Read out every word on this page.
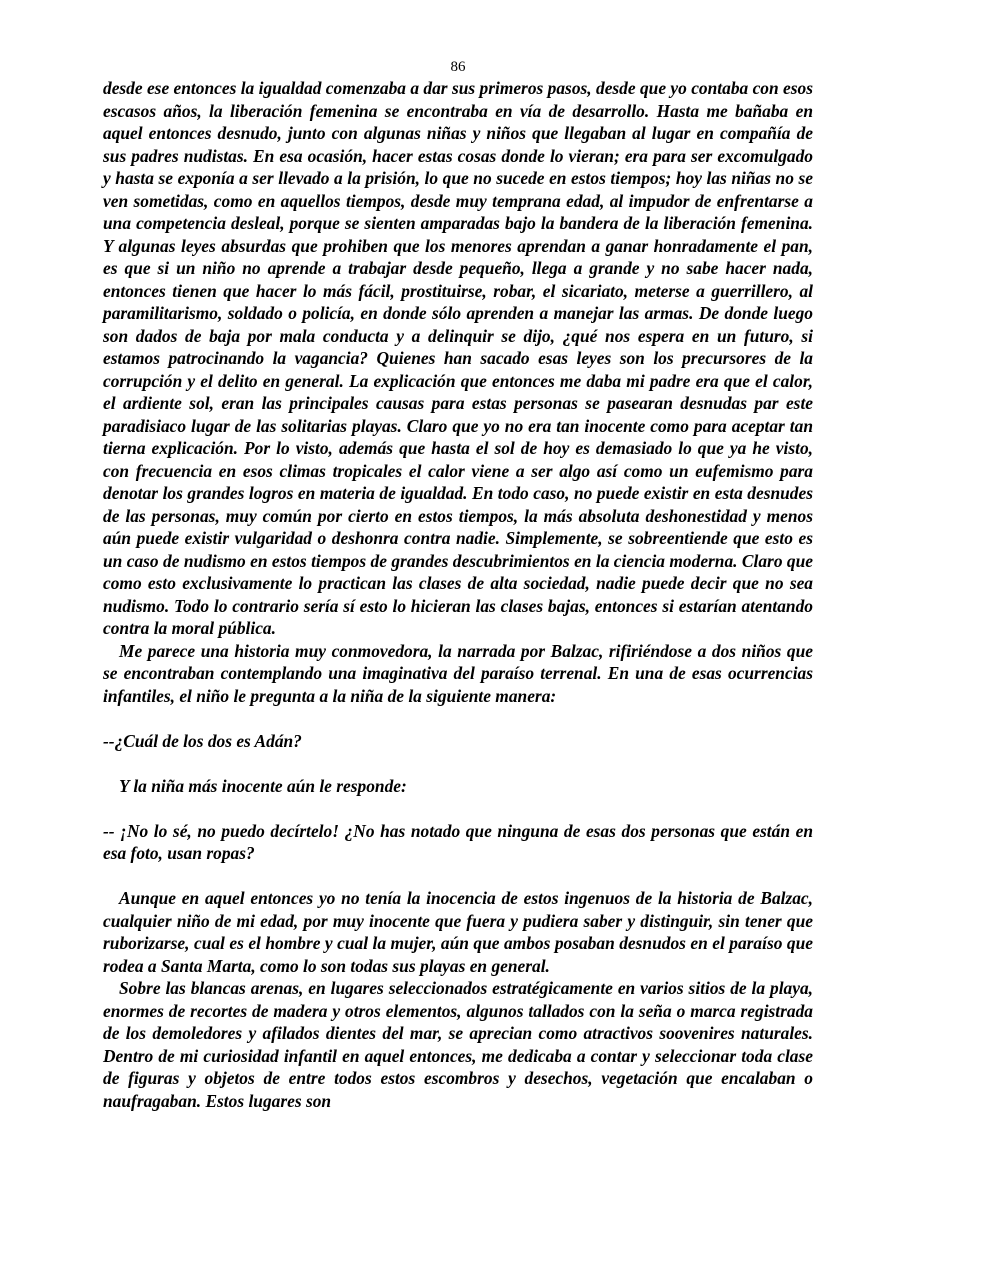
86

desde ese entonces la igualdad comenzaba a dar sus primeros pasos, desde que yo contaba con esos escasos años, la liberación femenina se encontraba en vía de desarrollo. Hasta me bañaba en aquel entonces desnudo, junto con algunas niñas y niños que llegaban al lugar en compañía de sus padres nudistas. En esa ocasión, hacer estas cosas donde lo vieran; era para ser excomulgado y hasta se exponía a ser llevado a la prisión, lo que no sucede en estos tiempos; hoy las niñas no se ven sometidas, como en aquellos tiempos, desde muy temprana edad, al impudor de enfrentarse a una competencia desleal, porque se sienten amparadas bajo la bandera de la liberación femenina. Y algunas leyes absurdas que prohiben que los menores aprendan a ganar honradamente el pan, es que si un niño no aprende a trabajar desde pequeño, llega a grande y no sabe hacer nada, entonces tienen que hacer lo más fácil, prostituirse, robar, el sicariato, meterse a guerrillero, al paramilitarismo, soldado o policía, en donde sólo aprenden a manejar las armas. De donde luego son dados de baja por mala conducta y a delinquir se dijo, ¿qué nos espera en un futuro, si estamos patrocinando la vagancia? Quienes han sacado esas leyes son los precursores de la corrupción y el delito en general. La explicación que entonces me daba mi padre era que el calor, el ardiente sol, eran las principales causas para estas personas se pasearan desnudas par este paradisiaco lugar de las solitarias playas. Claro que yo no era tan inocente como para aceptar tan tierna explicación. Por lo visto, además que hasta el sol de hoy es demasiado lo que ya he visto, con frecuencia en esos climas tropicales el calor viene a ser algo así como un eufemismo para denotar los grandes logros en materia de igualdad. En todo caso, no puede existir en esta desnudes de las personas, muy común por cierto en estos tiempos, la más absoluta deshonestidad y menos aún puede existir vulgaridad o deshonra contra nadie. Simplemente, se sobreentiende que esto es un caso de nudismo en estos tiempos de grandes descubrimientos en la ciencia moderna. Claro que como esto exclusivamente lo practican las clases de alta sociedad, nadie puede decir que no sea nudismo. Todo lo contrario sería sí esto lo hicieran las clases bajas, entonces si estarían atentando contra la moral pública.

Me parece una historia muy conmovedora, la narrada por Balzac, rifiriéndose a dos niños que se encontraban contemplando una imaginativa del paraíso terrenal. En una de esas ocurrencias infantiles, el niño le pregunta a la niña de la siguiente manera:

--¿Cuál de los dos es Adán?

Y la niña más inocente aún le responde:

-- ¡No lo sé, no puedo decírtelo! ¿No has notado que ninguna de esas dos personas que están en esa foto, usan ropas?

Aunque en aquel entonces yo no tenía la inocencia de estos ingenuos de la historia de Balzac, cualquier niño de mi edad, por muy inocente que fuera y pudiera saber y distinguir, sin tener que ruborizarse, cual es el hombre y cual la mujer, aún que ambos posaban desnudos en el paraíso que rodea a Santa Marta, como lo son todas sus playas en general.

Sobre las blancas arenas, en lugares seleccionados estratégicamente en varios sitios de la playa, enormes de recortes de madera y otros elementos, algunos tallados con la seña o marca registrada de los demoledores y afilados dientes del mar, se aprecian como atractivos soovenires naturales. Dentro de mi curiosidad infantil en aquel entonces, me dedicaba a contar y seleccionar toda clase de figuras y objetos de entre todos estos escombros y desechos, vegetación que encalaban o naufragaban. Estos lugares son
